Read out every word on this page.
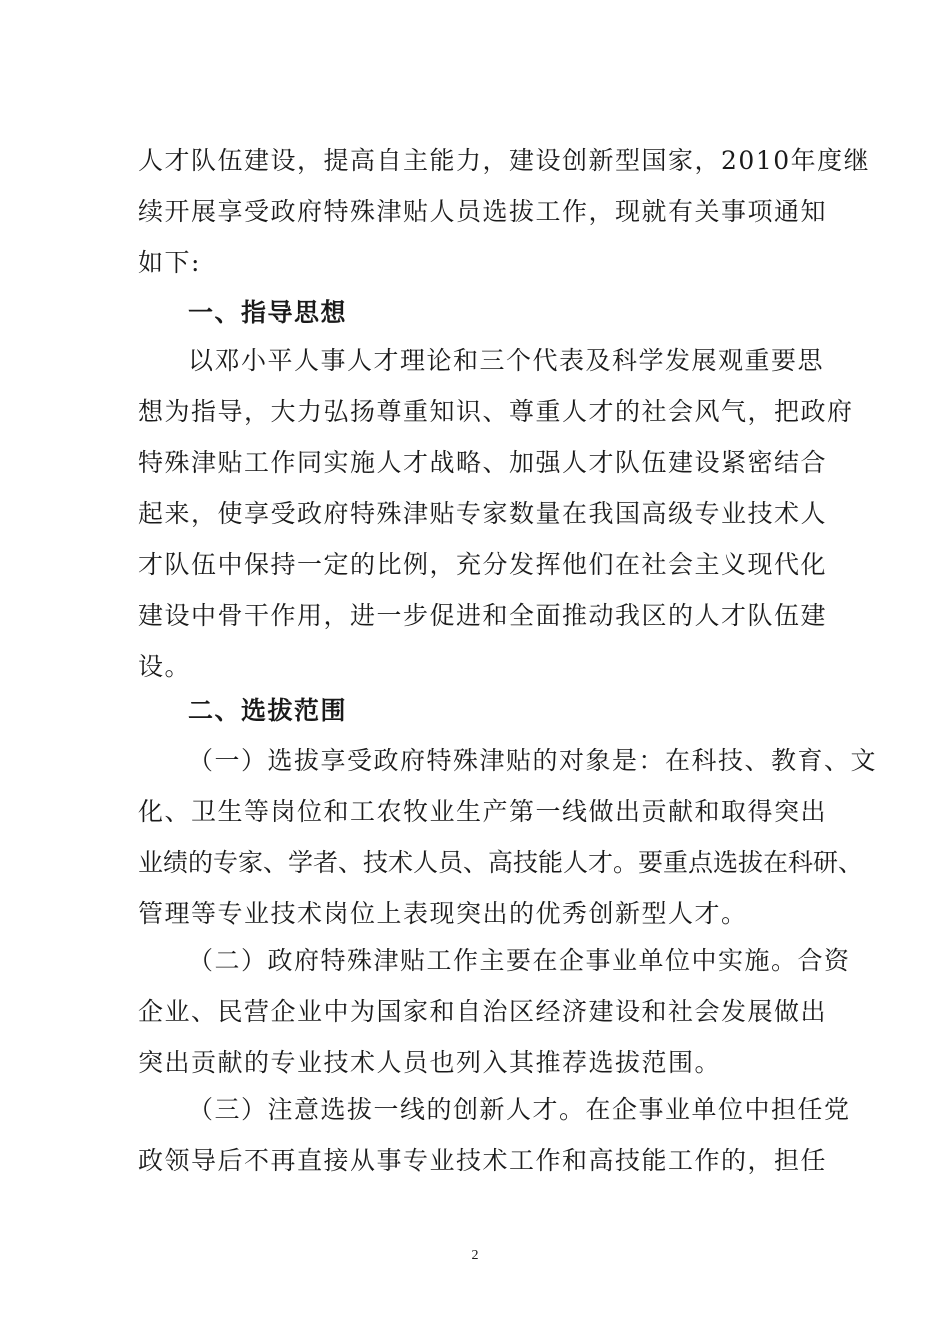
人才队伍建设，提高自主能力，建设创新型国家，2010年度继
续开展享受政府特殊津贴人员选拔工作，现就有关事项通知
如下:
一、指导思想
以邓小平人事人才理论和三个代表及科学发展观重要思
想为指导，大力弘扬尊重知识、尊重人才的社会风气，把政府
特殊津贴工作同实施人才战略、加强人才队伍建设紧密结合
起来，使享受政府特殊津贴专家数量在我国高级专业技术人
才队伍中保持一定的比例，充分发挥他们在社会主义现代化
建设中骨干作用，进一步促进和全面推动我区的人才队伍建
设。
二、选拔范围
（一）选拔享受政府特殊津贴的对象是：在科技、教育、文
化、卫生等岗位和工农牧业生产第一线做出贡献和取得突出
业绩的专家、学者、技术人员、高技能人才。要重点选拔在科研、
管理等专业技术岗位上表现突出的优秀创新型人才。
（二）政府特殊津贴工作主要在企事业单位中实施。合资
企业、民营企业中为国家和自治区经济建设和社会发展做出
突出贡献的专业技术人员也列入其推荐选拔范围。
（三）注意选拔一线的创新人才。在企事业单位中担任党
政领导后不再直接从事专业技术工作和高技能工作的，担任
2
